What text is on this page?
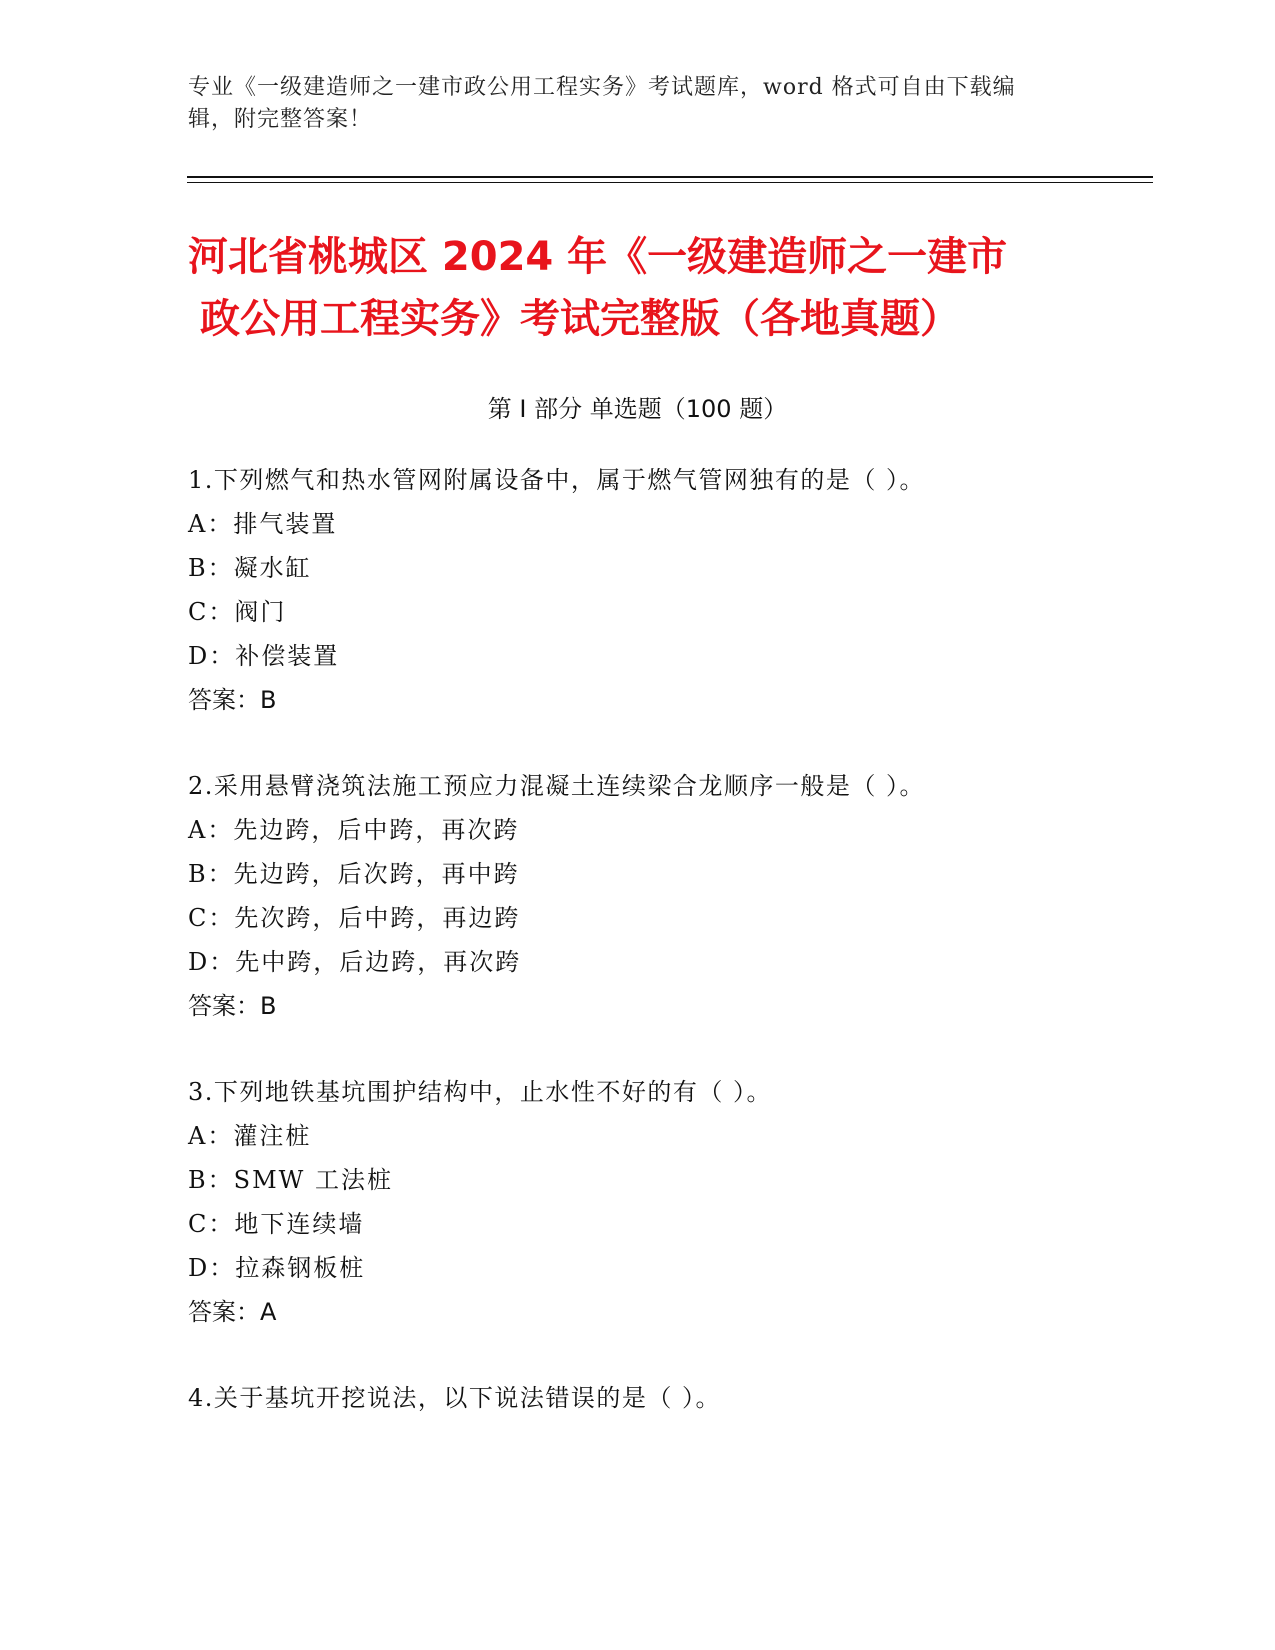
专业《一级建造师之一建市政公用工程实务》考试题库，word 格式可自由下载编
辑，附完整答案！
河北省桃城区 2024 年《一级建造师之一建市
政公用工程实务》考试完整版（各地真题）
第 I 部分 单选题（100 题）
1.下列燃气和热水管网附属设备中，属于燃气管网独有的是（ ）。
A：排气装置
B：凝水缸
C：阀门
D：补偿装置
答案：B
2.采用悬臂浇筑法施工预应力混凝土连续梁合龙顺序一般是（ ）。
A：先边跨，后中跨，再次跨
B：先边跨，后次跨，再中跨
C：先次跨，后中跨，再边跨
D：先中跨，后边跨，再次跨
答案：B
3.下列地铁基坑围护结构中，止水性不好的有（ ）。
A：灌注桩
B：SMW 工法桩
C：地下连续墙
D：拉森钢板桩
答案：A
4.关于基坑开挖说法，以下说法错误的是（ ）。
